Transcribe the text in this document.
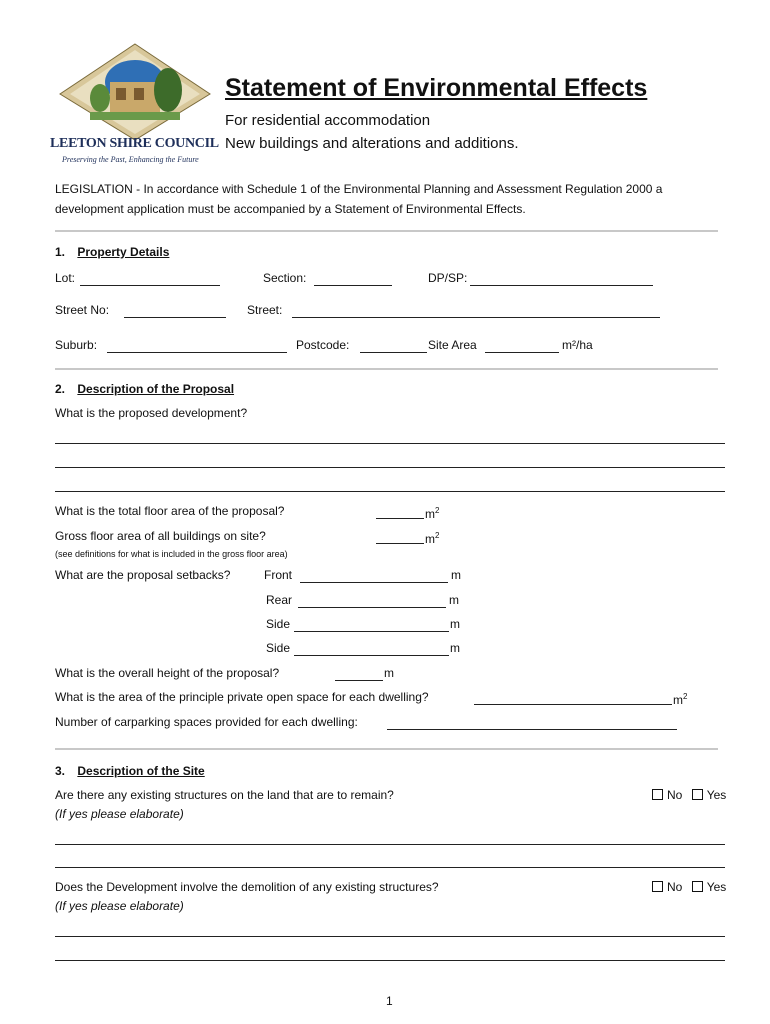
LEETON SHIRE COUNCIL
Preserving the Past, Enhancing the Future
Statement of Environmental Effects
For residential accommodation
New buildings and alterations and additions.
LEGISLATION - In accordance with Schedule 1 of the Environmental Planning and Assessment Regulation 2000 a
development application must be accompanied by a Statement of Environmental Effects.
1. Property Details
Lot:	Section:	DP/SP:
Street No:	Street:
Suburb:	Postcode:	Site Area	m²/ha
2. Description of the Proposal
What is the proposed development?
What is the total floor area of the proposal?	$m^2$
Gross floor area of all buildings on site?	$m^2$
(see definitions for what is included in the gross floor area)
What are the proposal setbacks?	Front	m
Rear	m
Side	m
Side	m
What is the overall height of the proposal?	m
What is the area of the principle private open space for each dwelling?	$m^2$
Number of carparking spaces provided for each dwelling:
3. Description of the Site
Are there any existing structures on the land that are to remain?
(If yes please elaborate)
No Yes
Does the Development involve the demolition of any existing structures?
(If yes please elaborate)
No Yes
1
